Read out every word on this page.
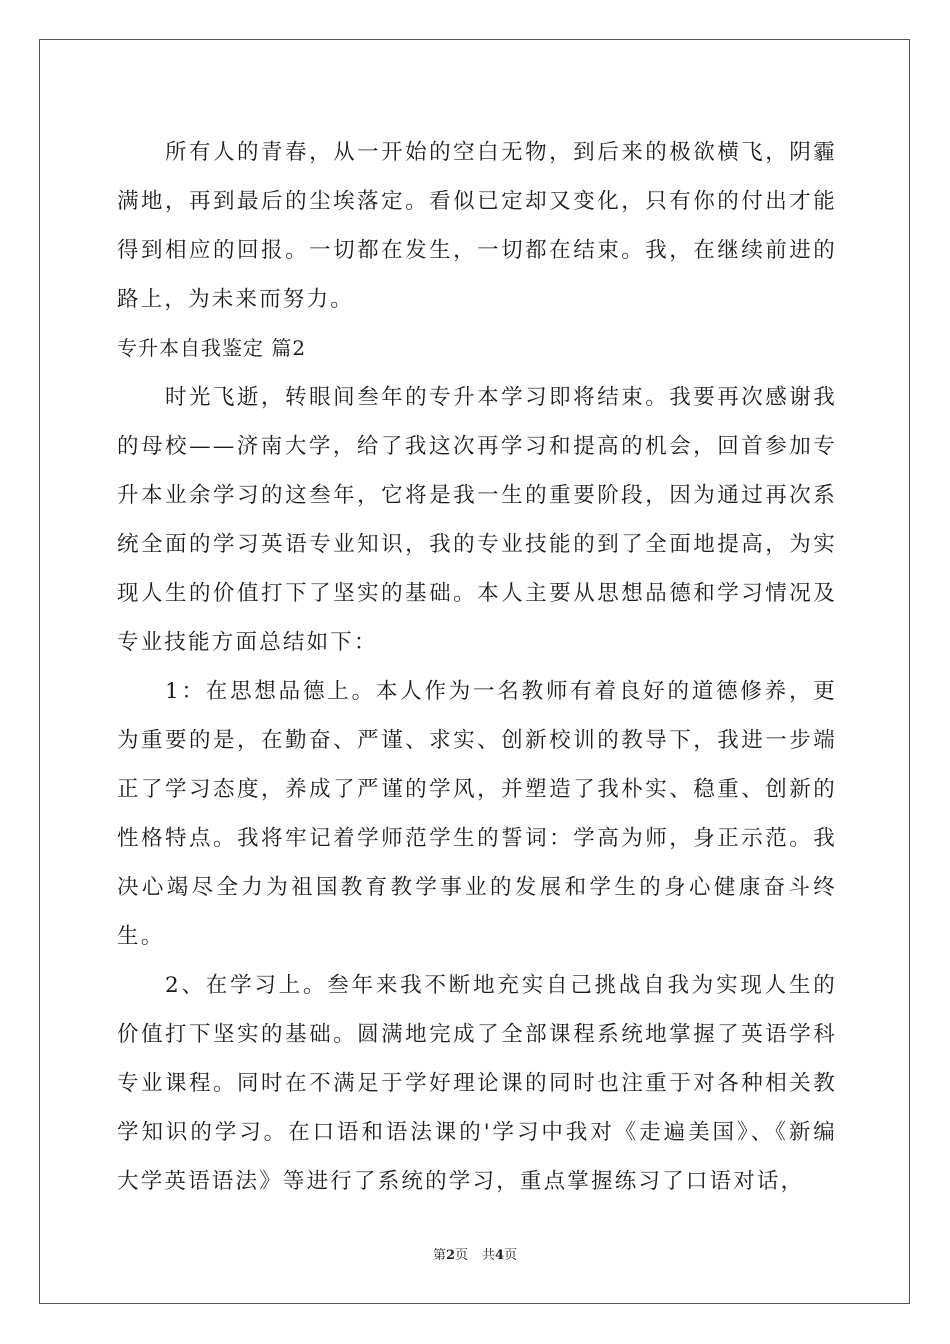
所有人的青春，从一开始的空白无物，到后来的极欲横飞，阴霾满地，再到最后的尘埃落定。看似已定却又变化，只有你的付出才能得到相应的回报。一切都在发生，一切都在结束。我，在继续前进的路上，为未来而努力。

专升本自我鉴定 篇2

时光飞逝，转眼间叁年的专升本学习即将结束。我要再次感谢我的母校——济南大学，给了我这次再学习和提高的机会，回首参加专升本业余学习的这叁年，它将是我一生的重要阶段，因为通过再次系统全面的学习英语专业知识，我的专业技能的到了全面地提高，为实现人生的价值打下了坚实的基础。本人主要从思想品德和学习情况及专业技能方面总结如下：

1：在思想品德上。本人作为一名教师有着良好的道德修养，更为重要的是，在勤奋、严谨、求实、创新校训的教导下，我进一步端正了学习态度，养成了严谨的学风，并塑造了我朴实、稳重、创新的性格特点。我将牢记着学师范学生的誓词：学高为师，身正示范。我决心竭尽全力为祖国教育教学事业的发展和学生的身心健康奋斗终生。

2、在学习上。叁年来我不断地充实自己挑战自我为实现人生的价值打下坚实的基础。圆满地完成了全部课程系统地掌握了英语学科专业课程。同时在不满足于学好理论课的同时也注重于对各种相关教学知识的学习。在口语和语法课的'学习中我对《走遍美国》、《新编大学英语语法》等进行了系统的学习，重点掌握练习了口语对话，

第2页 共4页
